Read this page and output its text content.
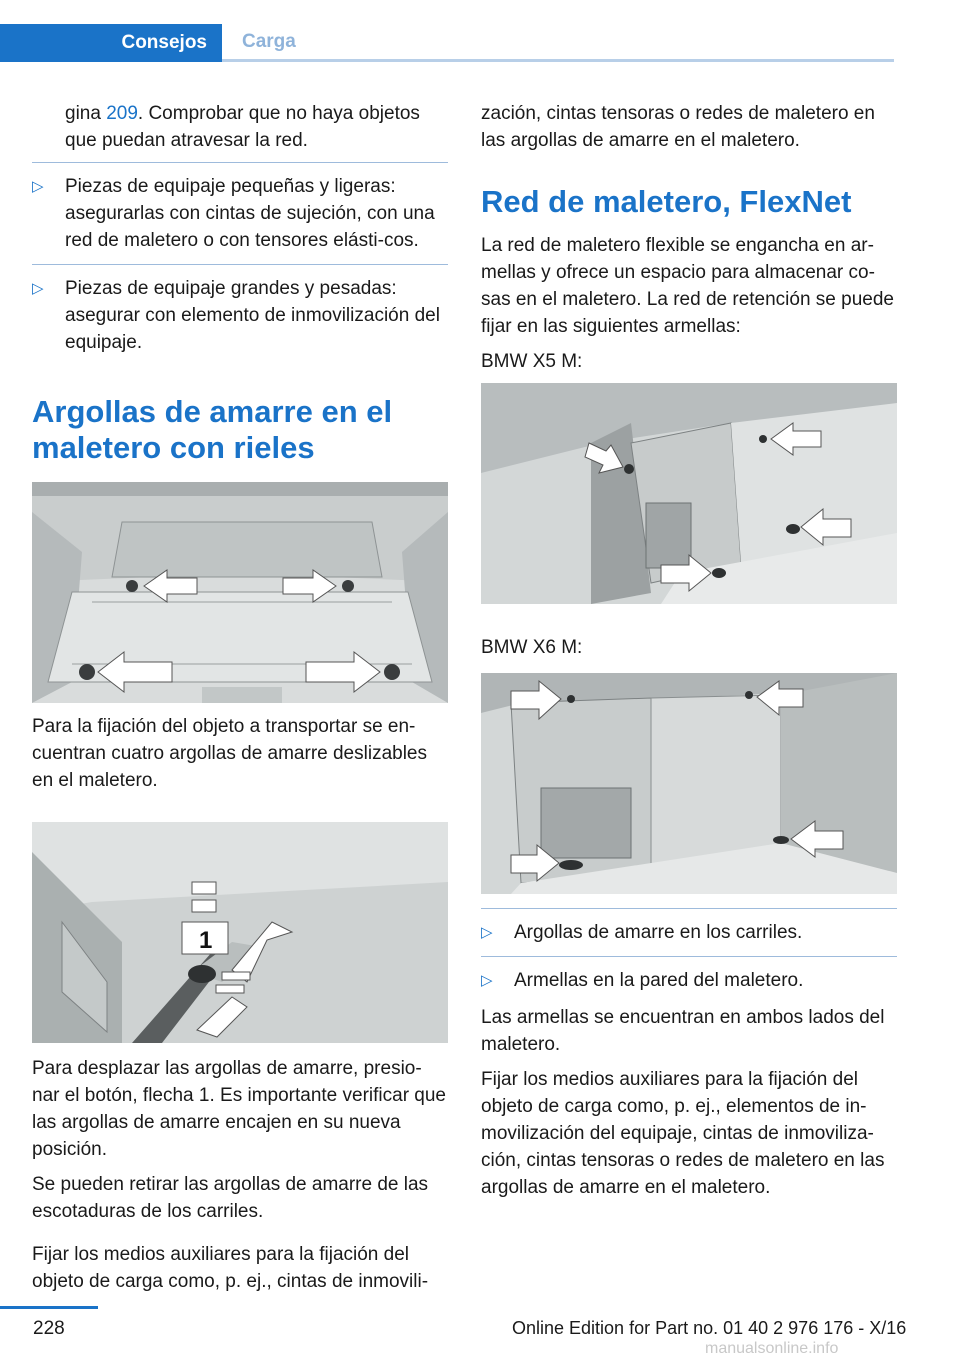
Consejos	Carga

gina 209. Comprobar que no haya objetos que puedan atravesar la red.

▷ Piezas de equipaje pequeñas y ligeras: asegurarlas con cintas de sujeción, con una red de maletero o con tensores elásti-cos.
▷ Piezas de equipaje grandes y pesadas: asegurar con elemento de inmovilización del equipaje.
Argollas de amarre en el maletero con rieles

Para la fijación del objeto a transportar se en-cuentran cuatro argollas de amarre deslizables en el maletero.

1

Para desplazar las argollas de amarre, presio-nar el botón, flecha 1. Es importante verificar que las argollas de amarre encajen en su nueva posición.

Se pueden retirar las argollas de amarre de las escotaduras de los carriles.

Fijar los medios auxiliares para la fijación del objeto de carga como, p. ej., cintas de inmovili-

zación, cintas tensoras o redes de maletero en las argollas de amarre en el maletero.

Red de maletero, FlexNet

La red de maletero flexible se engancha en ar-mellas y ofrece un espacio para almacenar co-sas en el maletero. La red de retención se puede fijar en las siguientes armellas:

BMW X5 M:

BMW X6 M:

▷ Argollas de amarre en los carriles.
▷ Armellas en la pared del maletero.

Las armellas se encuentran en ambos lados del maletero.

Fijar los medios auxiliares para la fijación del objeto de carga como, p. ej., elementos de in-movilización del equipaje, cintas de inmoviliza-ción, cintas tensoras o redes de maletero en las argollas de amarre en el maletero.

228	Online Edition for Part no. 01 40 2 976 176 - X/16
manualsonline.info
